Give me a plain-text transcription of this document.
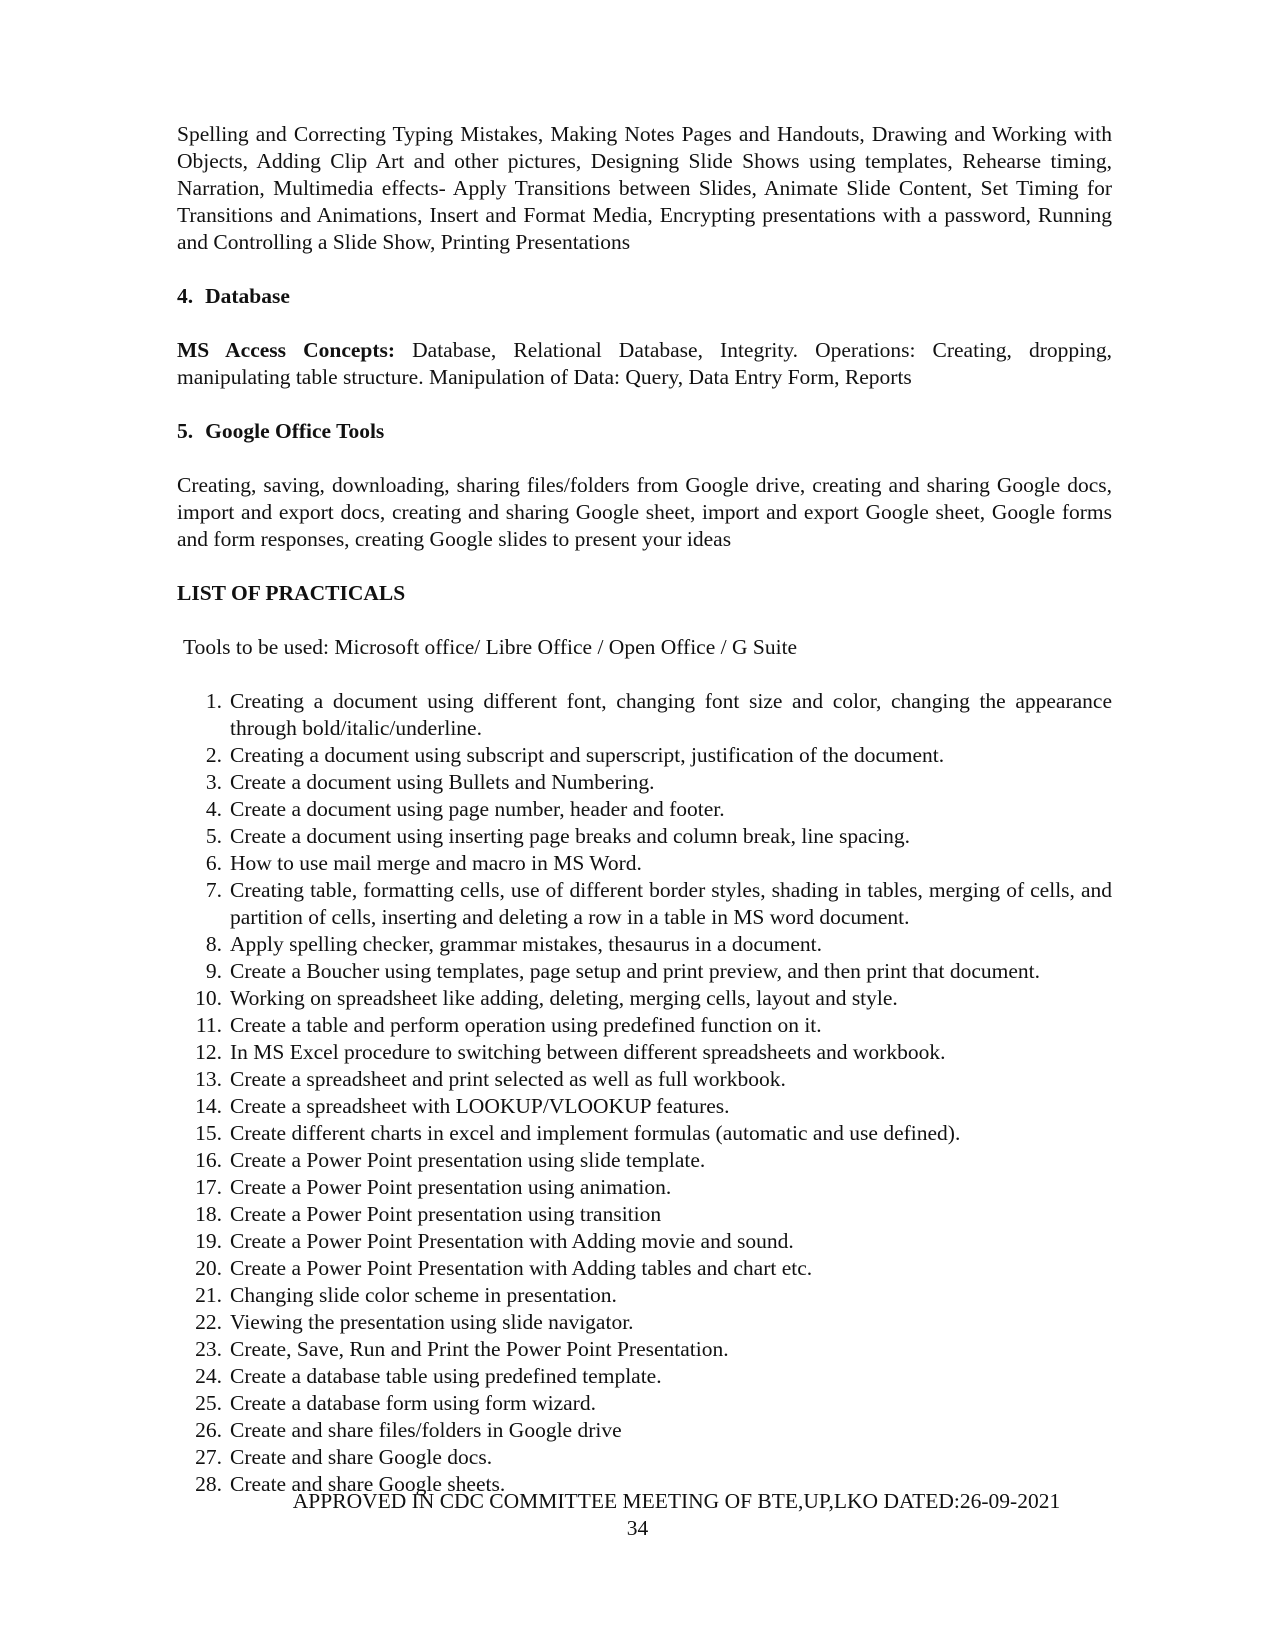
Spelling and Correcting Typing Mistakes, Making Notes Pages and Handouts, Drawing and Working with Objects, Adding Clip Art and other pictures, Designing Slide Shows using templates, Rehearse timing, Narration, Multimedia effects- Apply Transitions between Slides, Animate Slide Content, Set Timing for Transitions and Animations, Insert and Format Media, Encrypting presentations with a password, Running and Controlling a Slide Show, Printing Presentations

4. Database

MS Access Concepts: Database, Relational Database, Integrity. Operations: Creating, dropping, manipulating table structure. Manipulation of Data: Query, Data Entry Form, Reports

5. Google Office Tools

Creating, saving, downloading, sharing files/folders from Google drive, creating and sharing Google docs, import and export docs, creating and sharing Google sheet, import and export Google sheet, Google forms and form responses, creating Google slides to present your ideas

LIST OF PRACTICALS

Tools to be used: Microsoft office/ Libre Office / Open Office / G Suite

1. Creating a document using different font, changing font size and color, changing the appearance through bold/italic/underline.
2. Creating a document using subscript and superscript, justification of the document.
3. Create a document using Bullets and Numbering.
4. Create a document using page number, header and footer.
5. Create a document using inserting page breaks and column break, line spacing.
6. How to use mail merge and macro in MS Word.
7. Creating table, formatting cells, use of different border styles, shading in tables, merging of cells, and partition of cells, inserting and deleting a row in a table in MS word document.
8. Apply spelling checker, grammar mistakes, thesaurus in a document.
9. Create a Boucher using templates, page setup and print preview, and then print that document.
10. Working on spreadsheet like adding, deleting, merging cells, layout and style.
11. Create a table and perform operation using predefined function on it.
12. In MS Excel procedure to switching between different spreadsheets and workbook.
13. Create a spreadsheet and print selected as well as full workbook.
14. Create a spreadsheet with LOOKUP/VLOOKUP features.
15. Create different charts in excel and implement formulas (automatic and use defined).
16. Create a Power Point presentation using slide template.
17. Create a Power Point presentation using animation.
18. Create a Power Point presentation using transition
19. Create a Power Point Presentation with Adding movie and sound.
20. Create a Power Point Presentation with Adding tables and chart etc.
21. Changing slide color scheme in presentation.
22. Viewing the presentation using slide navigator.
23. Create, Save, Run and Print the Power Point Presentation.
24. Create a database table using predefined template.
25. Create a database form using form wizard.
26. Create and share files/folders in Google drive
27. Create and share Google docs.
28. Create and share Google sheets.
APPROVED IN CDC COMMITTEE MEETING OF BTE,UP,LKO DATED:26-09-2021
34
